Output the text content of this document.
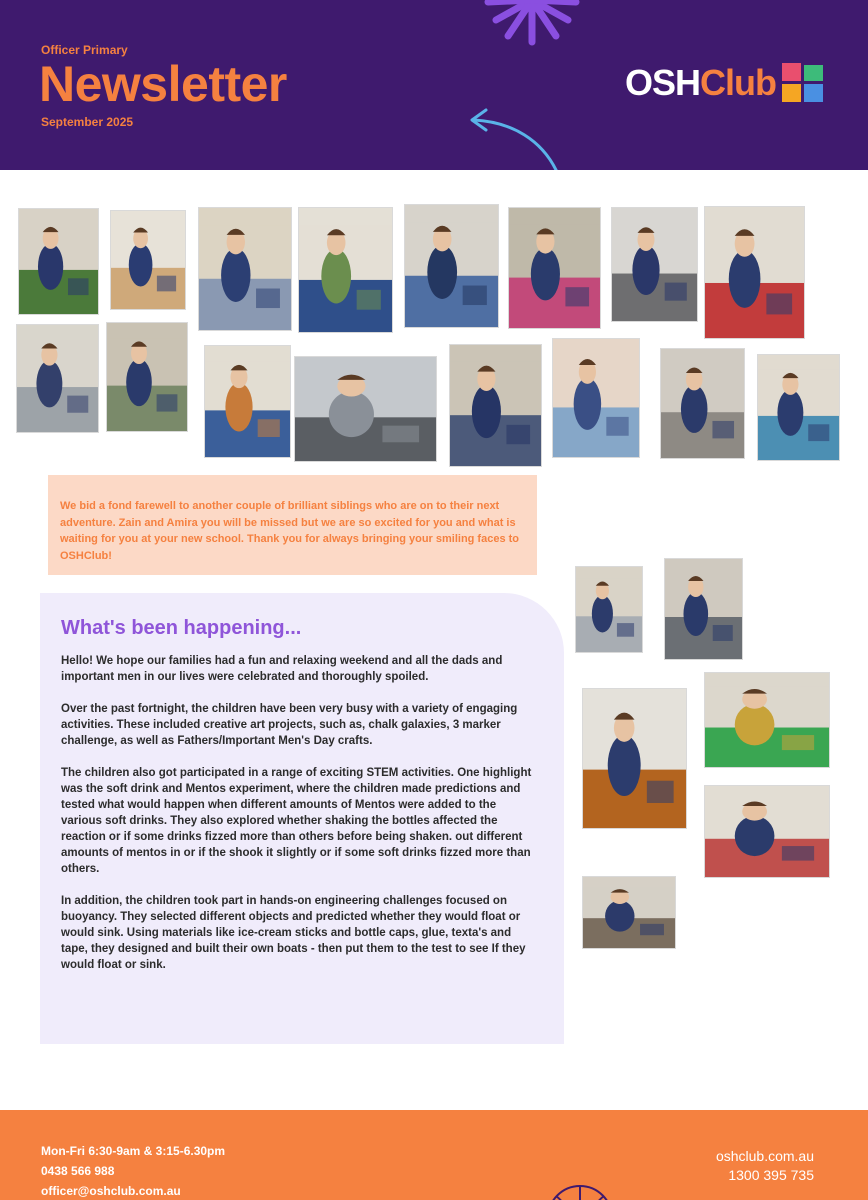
Officer Primary
Newsletter
September 2025
OSH Club

We bid a fond farewell to another couple of brilliant siblings who are on to their next adventure. Zain and Amira you will be missed but we are so excited for you and what is waiting for you at your new school. Thank you for always bringing your smiling faces to OSHClub!

What's been happening...

Hello! We hope our families had a fun and relaxing weekend and all the dads and important men in our lives were celebrated and thoroughly spoiled.

Over the past fortnight, the children have been very busy with a variety of engaging activities. These included creative art projects, such as, chalk galaxies, 3 marker challenge, as well as Fathers/Important Men's Day crafts.

The children also got participated in a range of exciting STEM activities. One highlight was the soft drink and Mentos experiment, where the children made predictions and tested what would happen when different amounts of Mentos were added to the various soft drinks. They also explored whether shaking the bottles affected the reaction or if some drinks fizzed more than others before being shaken. out different amounts of mentos in or if the shook it slightly or if some soft drinks fizzed more than others.

In addition, the children took part in hands-on engineering challenges focused on buoyancy. They selected different objects and predicted whether they would float or would sink. Using materials like ice-cream sticks and bottle caps, glue, texta's and tape, they designed and built their own boats - then put them to the test to see If they would float or sink.

Mon-Fri 6:30-9am & 3:15-6.30pm
0438 566 988
officer@oshclub.com.au
oshclub.com.au
1300 395 735
